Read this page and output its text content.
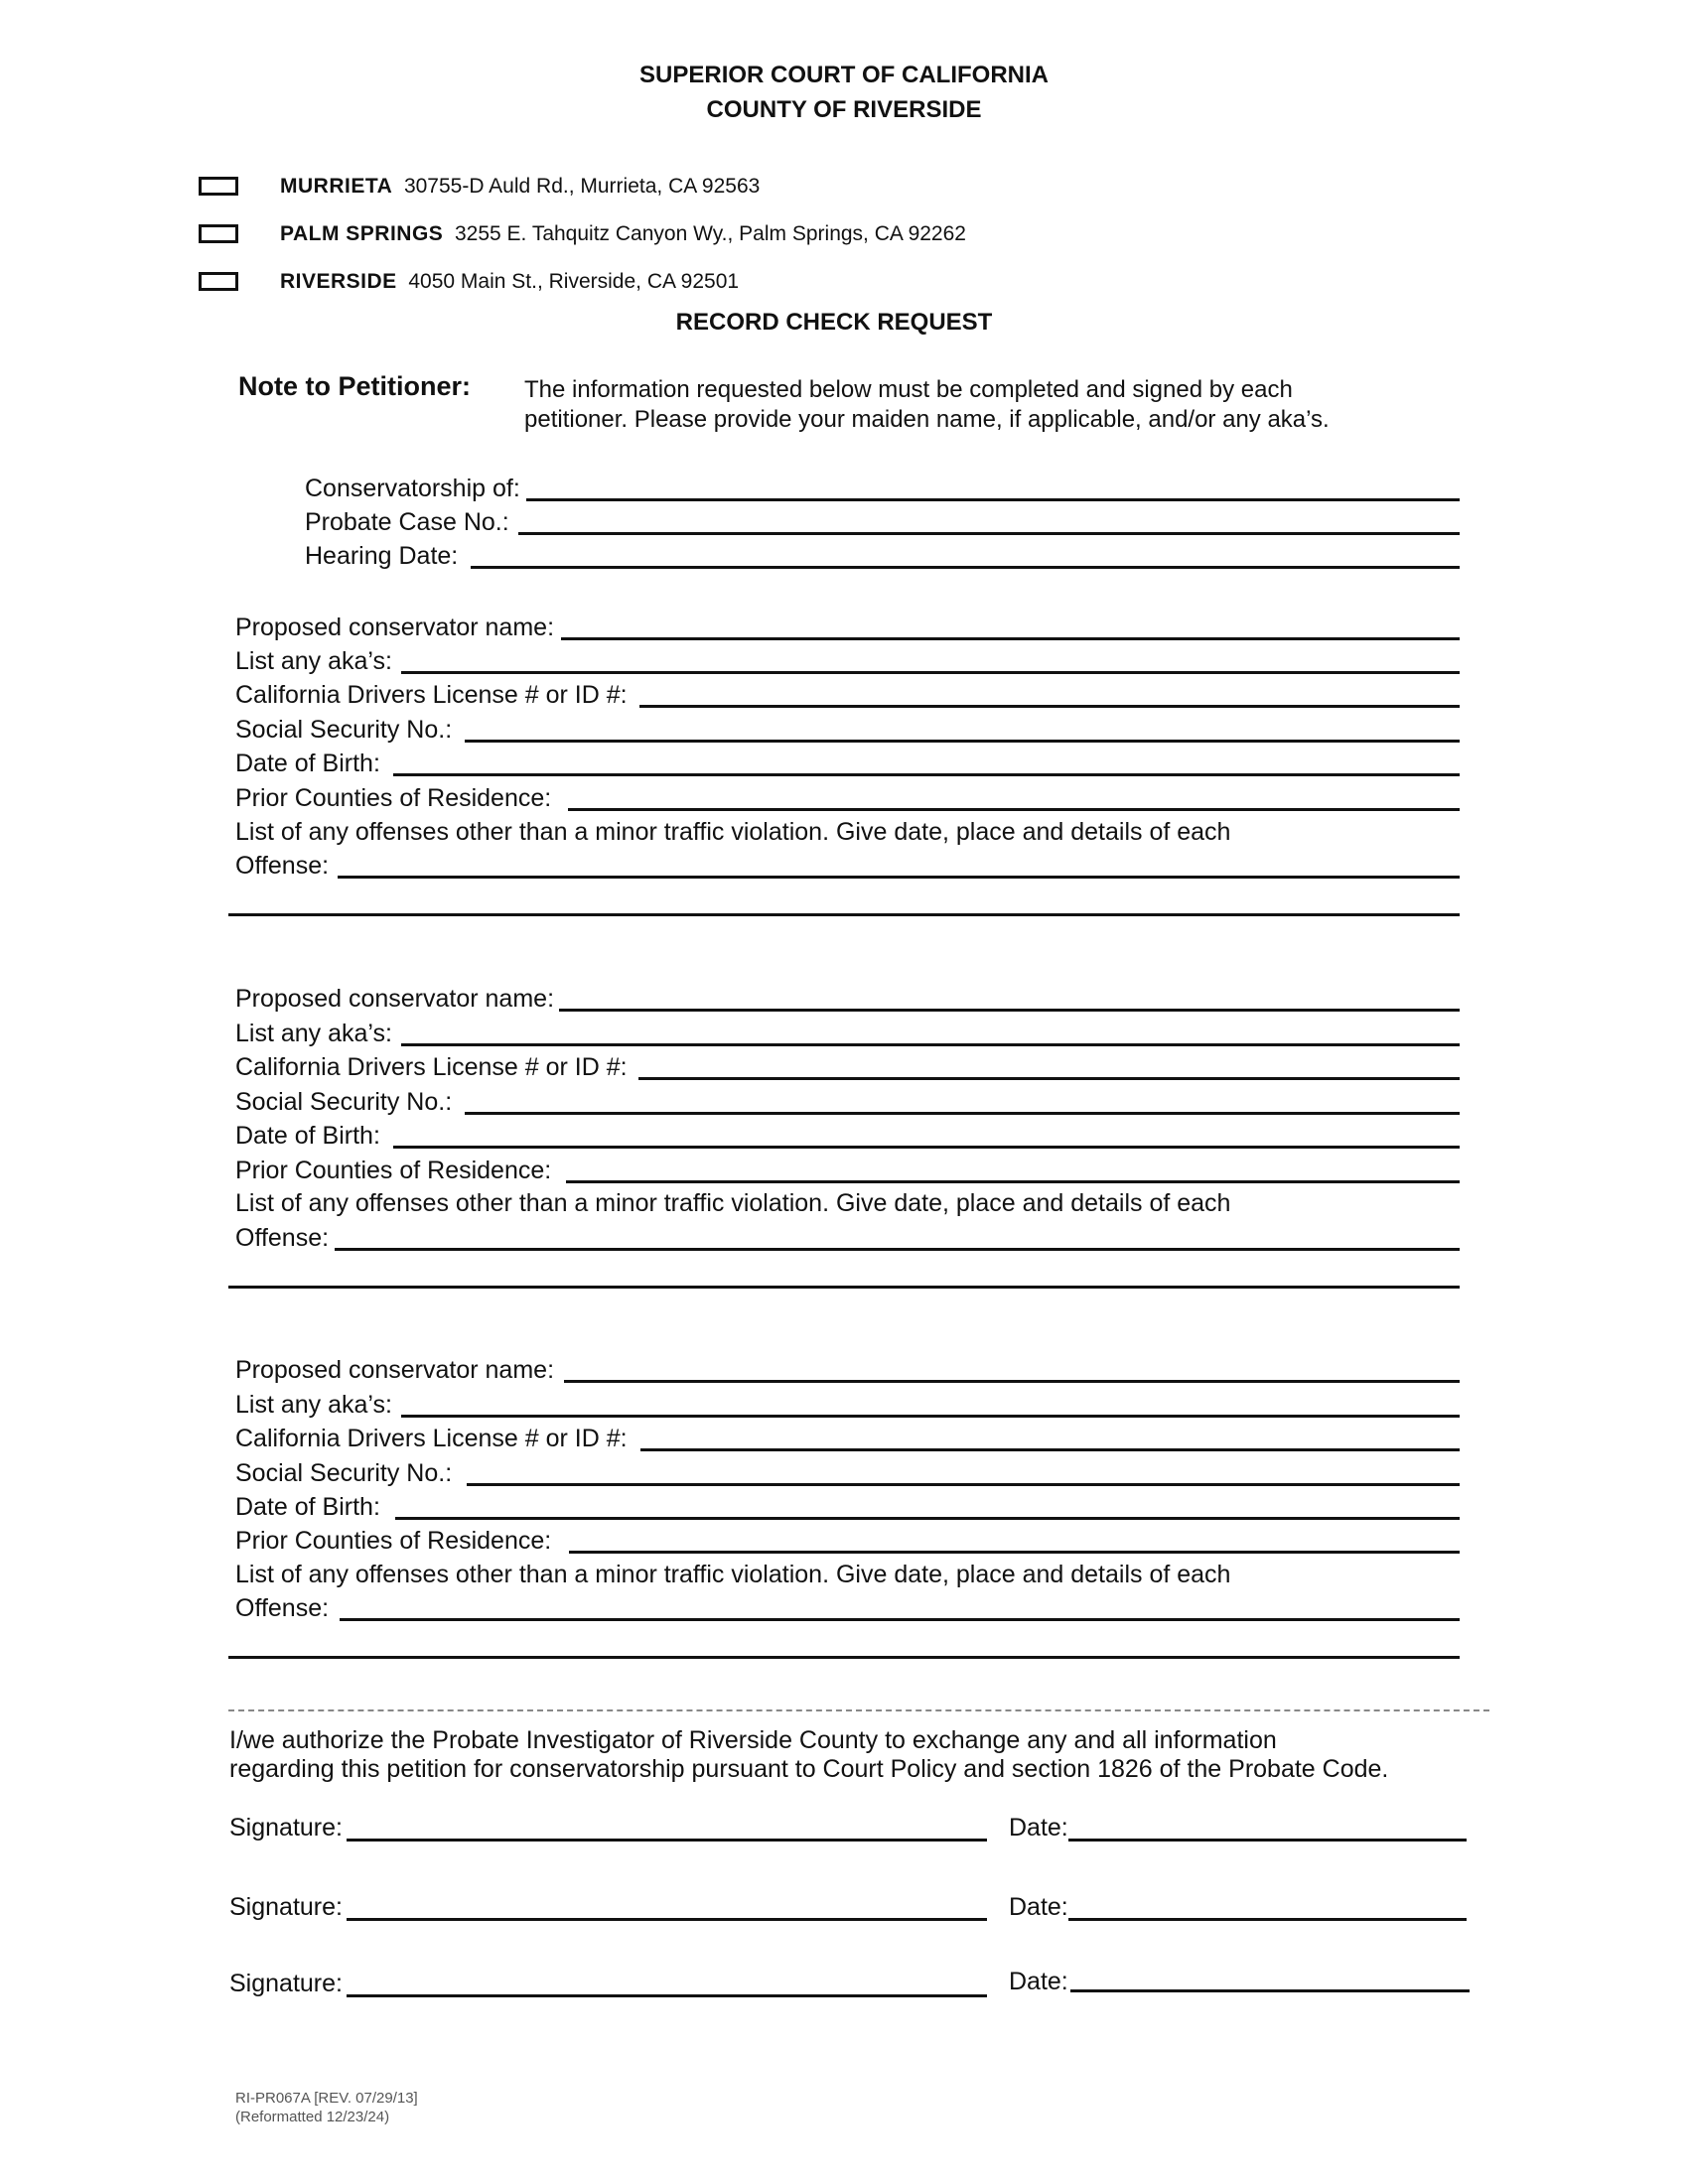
SUPERIOR COURT OF CALIFORNIA
COUNTY OF RIVERSIDE
MURRIETA 30755-D Auld Rd., Murrieta, CA 92563
PALM SPRINGS 3255 E. Tahquitz Canyon Wy., Palm Springs, CA 92262
RIVERSIDE 4050 Main St., Riverside, CA 92501
RECORD CHECK REQUEST
Note to Petitioner: The information requested below must be completed and signed by each
petitioner. Please provide your maiden name, if applicable, and/or any aka’s.
Conservatorship of:
Probate Case No.:
Hearing Date:
Proposed conservator name:
List any aka’s:
California Drivers License # or ID #:
Social Security No.:
Date of Birth:
Prior Counties of Residence:
List of any offenses other than a minor traffic violation. Give date, place and details of each
Offense:
Proposed conservator name:
List any aka’s:
California Drivers License # or ID #:
Social Security No.:
Date of Birth:
Prior Counties of Residence:
List of any offenses other than a minor traffic violation. Give date, place and details of each
Offense:
Proposed conservator name:
List any aka’s:
California Drivers License # or ID #:
Social Security No.:
Date of Birth:
Prior Counties of Residence:
List of any offenses other than a minor traffic violation. Give date, place and details of each
Offense:
I/we authorize the Probate Investigator of Riverside County to exchange any and all information
regarding this petition for conservatorship pursuant to Court Policy and section 1826 of the Probate Code.
Signature:	Date:
Signature:	Date:
Signature:	Date:
RI-PR067A [REV. 07/29/13]
(Reformatted 12/23/24)
